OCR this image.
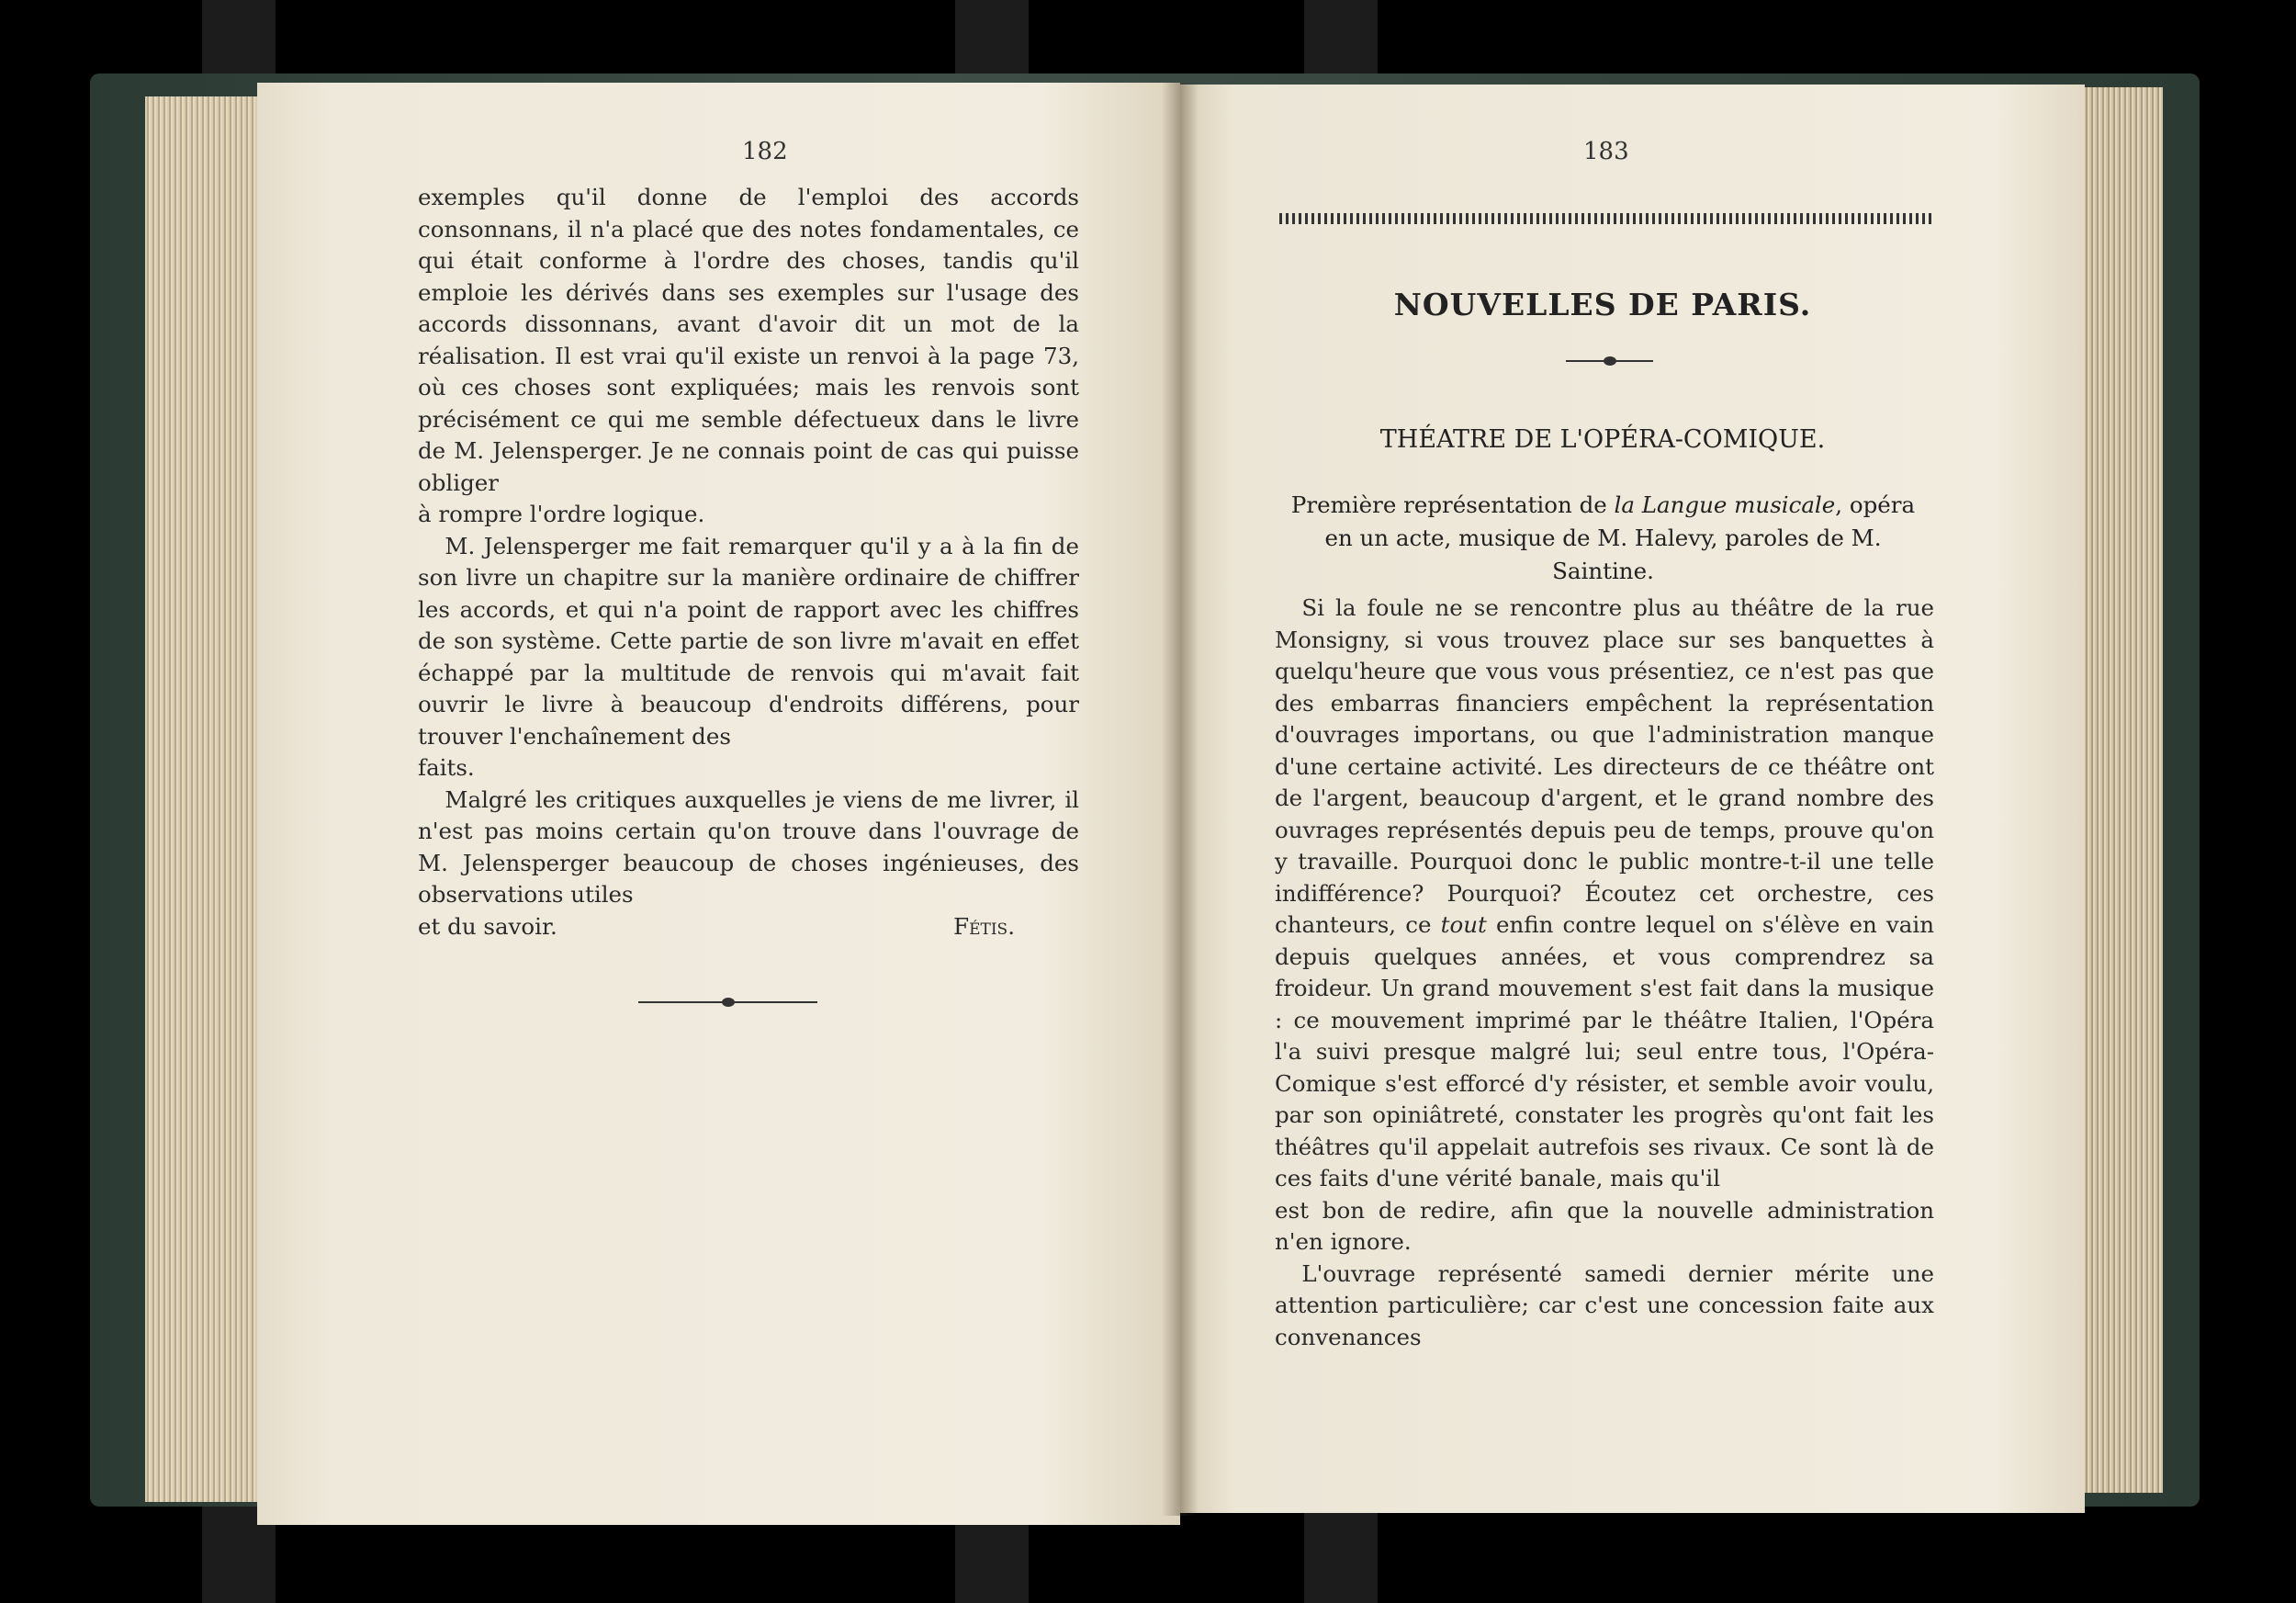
182

exemples qu'il donne de l'emploi des accords consonnans, il n'a placé que des notes fondamentales, ce qui était conforme à l'ordre des choses, tandis qu'il emploie les dérivés dans ses exemples sur l'usage des accords dissonnans, avant d'avoir dit un mot de la réalisation. Il est vrai qu'il existe un renvoi à la page 73, où ces choses sont expliquées; mais les renvois sont précisément ce qui me semble défectueux dans le livre de M. Jelensperger. Je ne connais point de cas qui puisse obliger

à rompre l'ordre logique.

M. Jelensperger me fait remarquer qu'il y a à la fin de son livre un chapitre sur la manière ordinaire de chiffrer les accords, et qui n'a point de rapport avec les chiffres de son système. Cette partie de son livre m'avait en effet échappé par la multitude de renvois qui m'avait fait ouvrir le livre à beaucoup d'endroits différens, pour trouver l'enchaînement des

faits.

Malgré les critiques auxquelles je viens de me livrer, il n'est pas moins certain qu'on trouve dans l'ouvrage de M. Jelensperger beaucoup de choses ingénieuses, des observations utiles

et du savoir.	Fétis.
183
NOUVELLES DE PARIS.
THÉATRE DE L'OPÉRA-COMIQUE.
Première représentation de la Langue musicale, opéra en un acte, musique de M. Halevy, paroles de M. Saintine.

Si la foule ne se rencontre plus au théâtre de la rue Monsigny, si vous trouvez place sur ses banquettes à quelqu'heure que vous vous présentiez, ce n'est pas que des embarras financiers empêchent la représentation d'ouvrages importans, ou que l'administration manque d'une certaine activité. Les directeurs de ce théâtre ont de l'argent, beaucoup d'argent, et le grand nombre des ouvrages représentés depuis peu de temps, prouve qu'on y travaille. Pourquoi donc le public montre-t-il une telle indifférence? Pourquoi? Écoutez cet orchestre, ces chanteurs, ce tout enfin contre lequel on s'élève en vain depuis quelques années, et vous comprendrez sa froideur. Un grand mouvement s'est fait dans la musique : ce mouvement imprimé par le théâtre Italien, l'Opéra l'a suivi presque malgré lui; seul entre tous, l'Opéra-Comique s'est efforcé d'y résister, et semble avoir voulu, par son opiniâtreté, constater les progrès qu'ont fait les théâtres qu'il appelait autrefois ses rivaux. Ce sont là de ces faits d'une vérité banale, mais qu'il

est bon de redire, afin que la nouvelle administration n'en ignore.

L'ouvrage représenté samedi dernier mérite une attention particulière; car c'est une concession faite aux convenances
